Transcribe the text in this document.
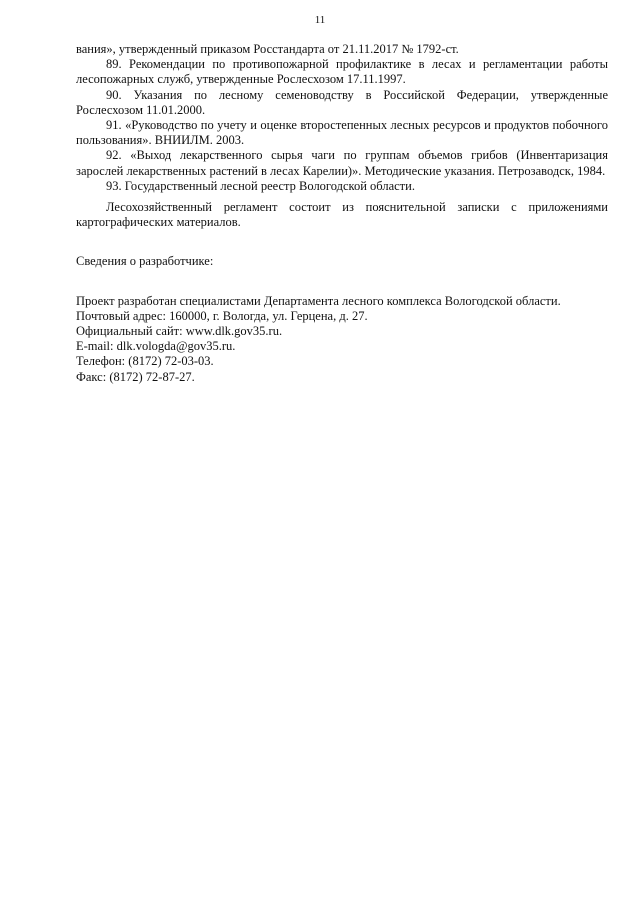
11

вания», утвержденный приказом Росстандарта от 21.11.2017 № 1792-ст.

89. Рекомендации по противопожарной профилактике в лесах и регламентации работы лесопожарных служб, утвержденные Рослесхозом 17.11.1997.

90. Указания по лесному семеноводству в Российской Федерации, утвержденные Рослесхозом 11.01.2000.

91. «Руководство по учету и оценке второстепенных лесных ресурсов и продуктов побочного пользования». ВНИИЛМ. 2003.

92. «Выход лекарственного сырья чаги по группам объемов грибов (Инвентаризация зарослей лекарственных растений в лесах Карелии)». Методические указания. Петрозаводск, 1984.

93. Государственный лесной реестр Вологодской области.

Лесохозяйственный регламент состоит из пояснительной записки с приложениями картографических материалов.

Сведения о разработчике:

Проект разработан специалистами Департамента лесного комплекса Вологодской области.

Почтовый адрес: 160000, г. Вологда, ул. Герцена, д. 27.

Официальный сайт: www.dlk.gov35.ru.

E-mail: dlk.vologda@gov35.ru.

Телефон: (8172) 72-03-03.

Факс: (8172) 72-87-27.
